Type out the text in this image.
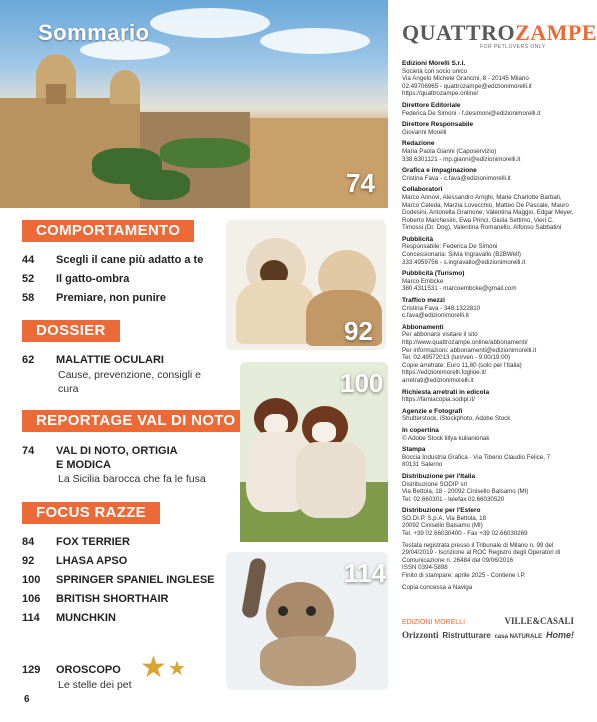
Sommario
74
COMPORTAMENTO
44 Scegli il cane più adatto a te
52 Il gatto-ombra
58 Premiare, non punire
DOSSIER
62 MALATTIE OCULARI
Cause, prevenzione, consigli e cura
REPORTAGE VAL DI NOTO
74 VAL DI NOTO, ORTIGIA E MODICA
La Sicilia barocca che fa le fusa
FOCUS RAZZE
84 FOX TERRIER
92 LHASA APSO
100 SPRINGER SPANIEL INGLESE
106 BRITISH SHORTHAIR
114 MUNCHKIN
129 OROSCOPO
Le stelle dei pet
★ ★
92
100
114
6
QUATTROZAMPE
FOR PETLOVERS ONLY
Edizioni Morelli S.r.l.
Società con socio unico
Via Angelo Michele Grancini, 8 - 20145 Milano
02.49706965 - quattrozampe@edizionimorelli.it
https://quattrozampe.online/
Direttore Editoriale
Federica De Simoni - f.desimoni@edizionimorelli.it
Direttore Responsabile
Giovanni Morelli
Redazione
Maria Paola Gianni (Caposervizio)
338.6301121 - mp.gianni@edizionimorelli.it
Grafica e impaginazione
Cristina Fava - c.fava@edizionimorelli.it
Collaboratori
Marco Annovi, Alessandro Arrighi, Marie Charlotte Barbati, Marco Celeda, Marzia Lovecchio, Matteo De Pascale, Mauro Dodesini, Antonella Gramone, Valentina Maggio, Edgar Meyer, Roberto Marchesini, Ewa Princi, Giulia Settimo, Vieri C. Timossi (Dr. Dog), Valentina Romanello, Alfonso Sabbatini
Pubblicità
Responsabile: Federica De Simoni
Concessionaria: Silvia Ingravallo (B2BWell)
333.4959756 - s.ingravallo@edizionimorelli.it
Pubblicità (Turismo)
Marco Embcke
380.4311531 - marcoembcke@gmail.com
Traffico mezzi
Cristina Fava - 348.1322810
c.fava@edizionimorelli.it
Abbonamenti
Per abbonarsi visitare il sito
http://www.quattrozampe.online/abbonamenti/
Per informazioni: abbonamenti@edizionimorelli.it
Tel. 02.49572013 (lun/ven - 9:00/19:00)
Copie arretrate: Euro 11,80 (solo per l'Italia)
https://edizionimorelli.foglioe.it/
arretrati@edizionimorelli.it
Richiesta arretrati in edicola
https://famiacopia.sodipi.it/
Agenzie e Fotografi
Shutterstock, iStockphoto, Adobe Stock
In copertina
© Adobe Stock lillya kulianionak
Stampa
Boccia Industria Grafica - Via Tiberio Claudio Felice, 7
80131 Salerno
Distribuzione per l'Italia
Distribuzione SODIP srl
Via Bettola, 18 - 20092 Cinisello Balsamo (MI)
Tel. 02.660301 - telefax 02.66030520
Distribuzione per l'Estero
SO.DI.P. S.p.A. Via Bettola, 18
20092 Cinisello Balsamo (MI)
Tel. +39 02.66030400 - Fax +39 02.66030269
Testata registrata presso il Tribunale di Milano n. 99 del 29/04/2019 - Iscrizione al ROC Registro degli Operatori di Comunicazione n. 26484 del 09/06/2016
ISSN 0394-5898
Finito di stampare: aprile 2025 - Contiene I.P.
Copia concessa a Naviga
EDIZIONI MORELLI	VILLE&CASALI
Orizzonti Ristrutturare casa NATURALE Home!
